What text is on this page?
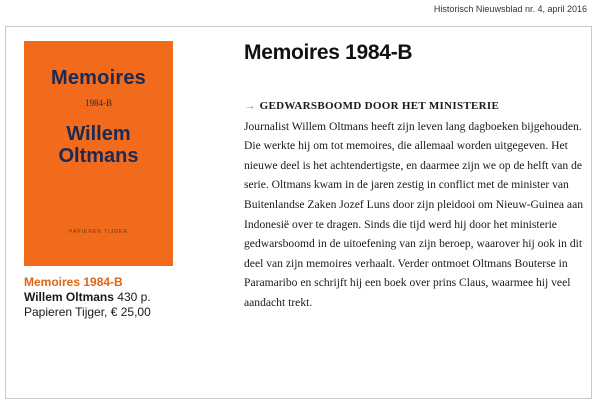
Historisch Nieuwsblad nr. 4, april 2016
Memoires
1984-B
Willem
Oltmans
PAPIEREN TIJGER
Memoires 1984-B
Willem Oltmans 430 p.
Papieren Tijger, € 25,00
Memoires 1984-B
→ GEDWARSBOOMD DOOR HET MINISTERIE
Journalist Willem Oltmans heeft zijn leven lang dagboeken bijgehouden. Die werkte hij om tot memoires, die allemaal worden uitgegeven. Het nieuwe deel is het achtendertigste, en daarmee zijn we op de helft van de serie. Oltmans kwam in de jaren zestig in conflict met de minister van Buitenlandse Zaken Jozef Luns door zijn pleidooi om Nieuw-Guinea aan Indonesië over te dragen. Sinds die tijd werd hij door het ministerie gedwarsboomd in de uitoefening van zijn beroep, waarover hij ook in dit deel van zijn memoires verhaalt. Verder ontmoet Oltmans Bouterse in Paramaribo en schrijft hij een boek over prins Claus, waarmee hij veel aandacht trekt.
